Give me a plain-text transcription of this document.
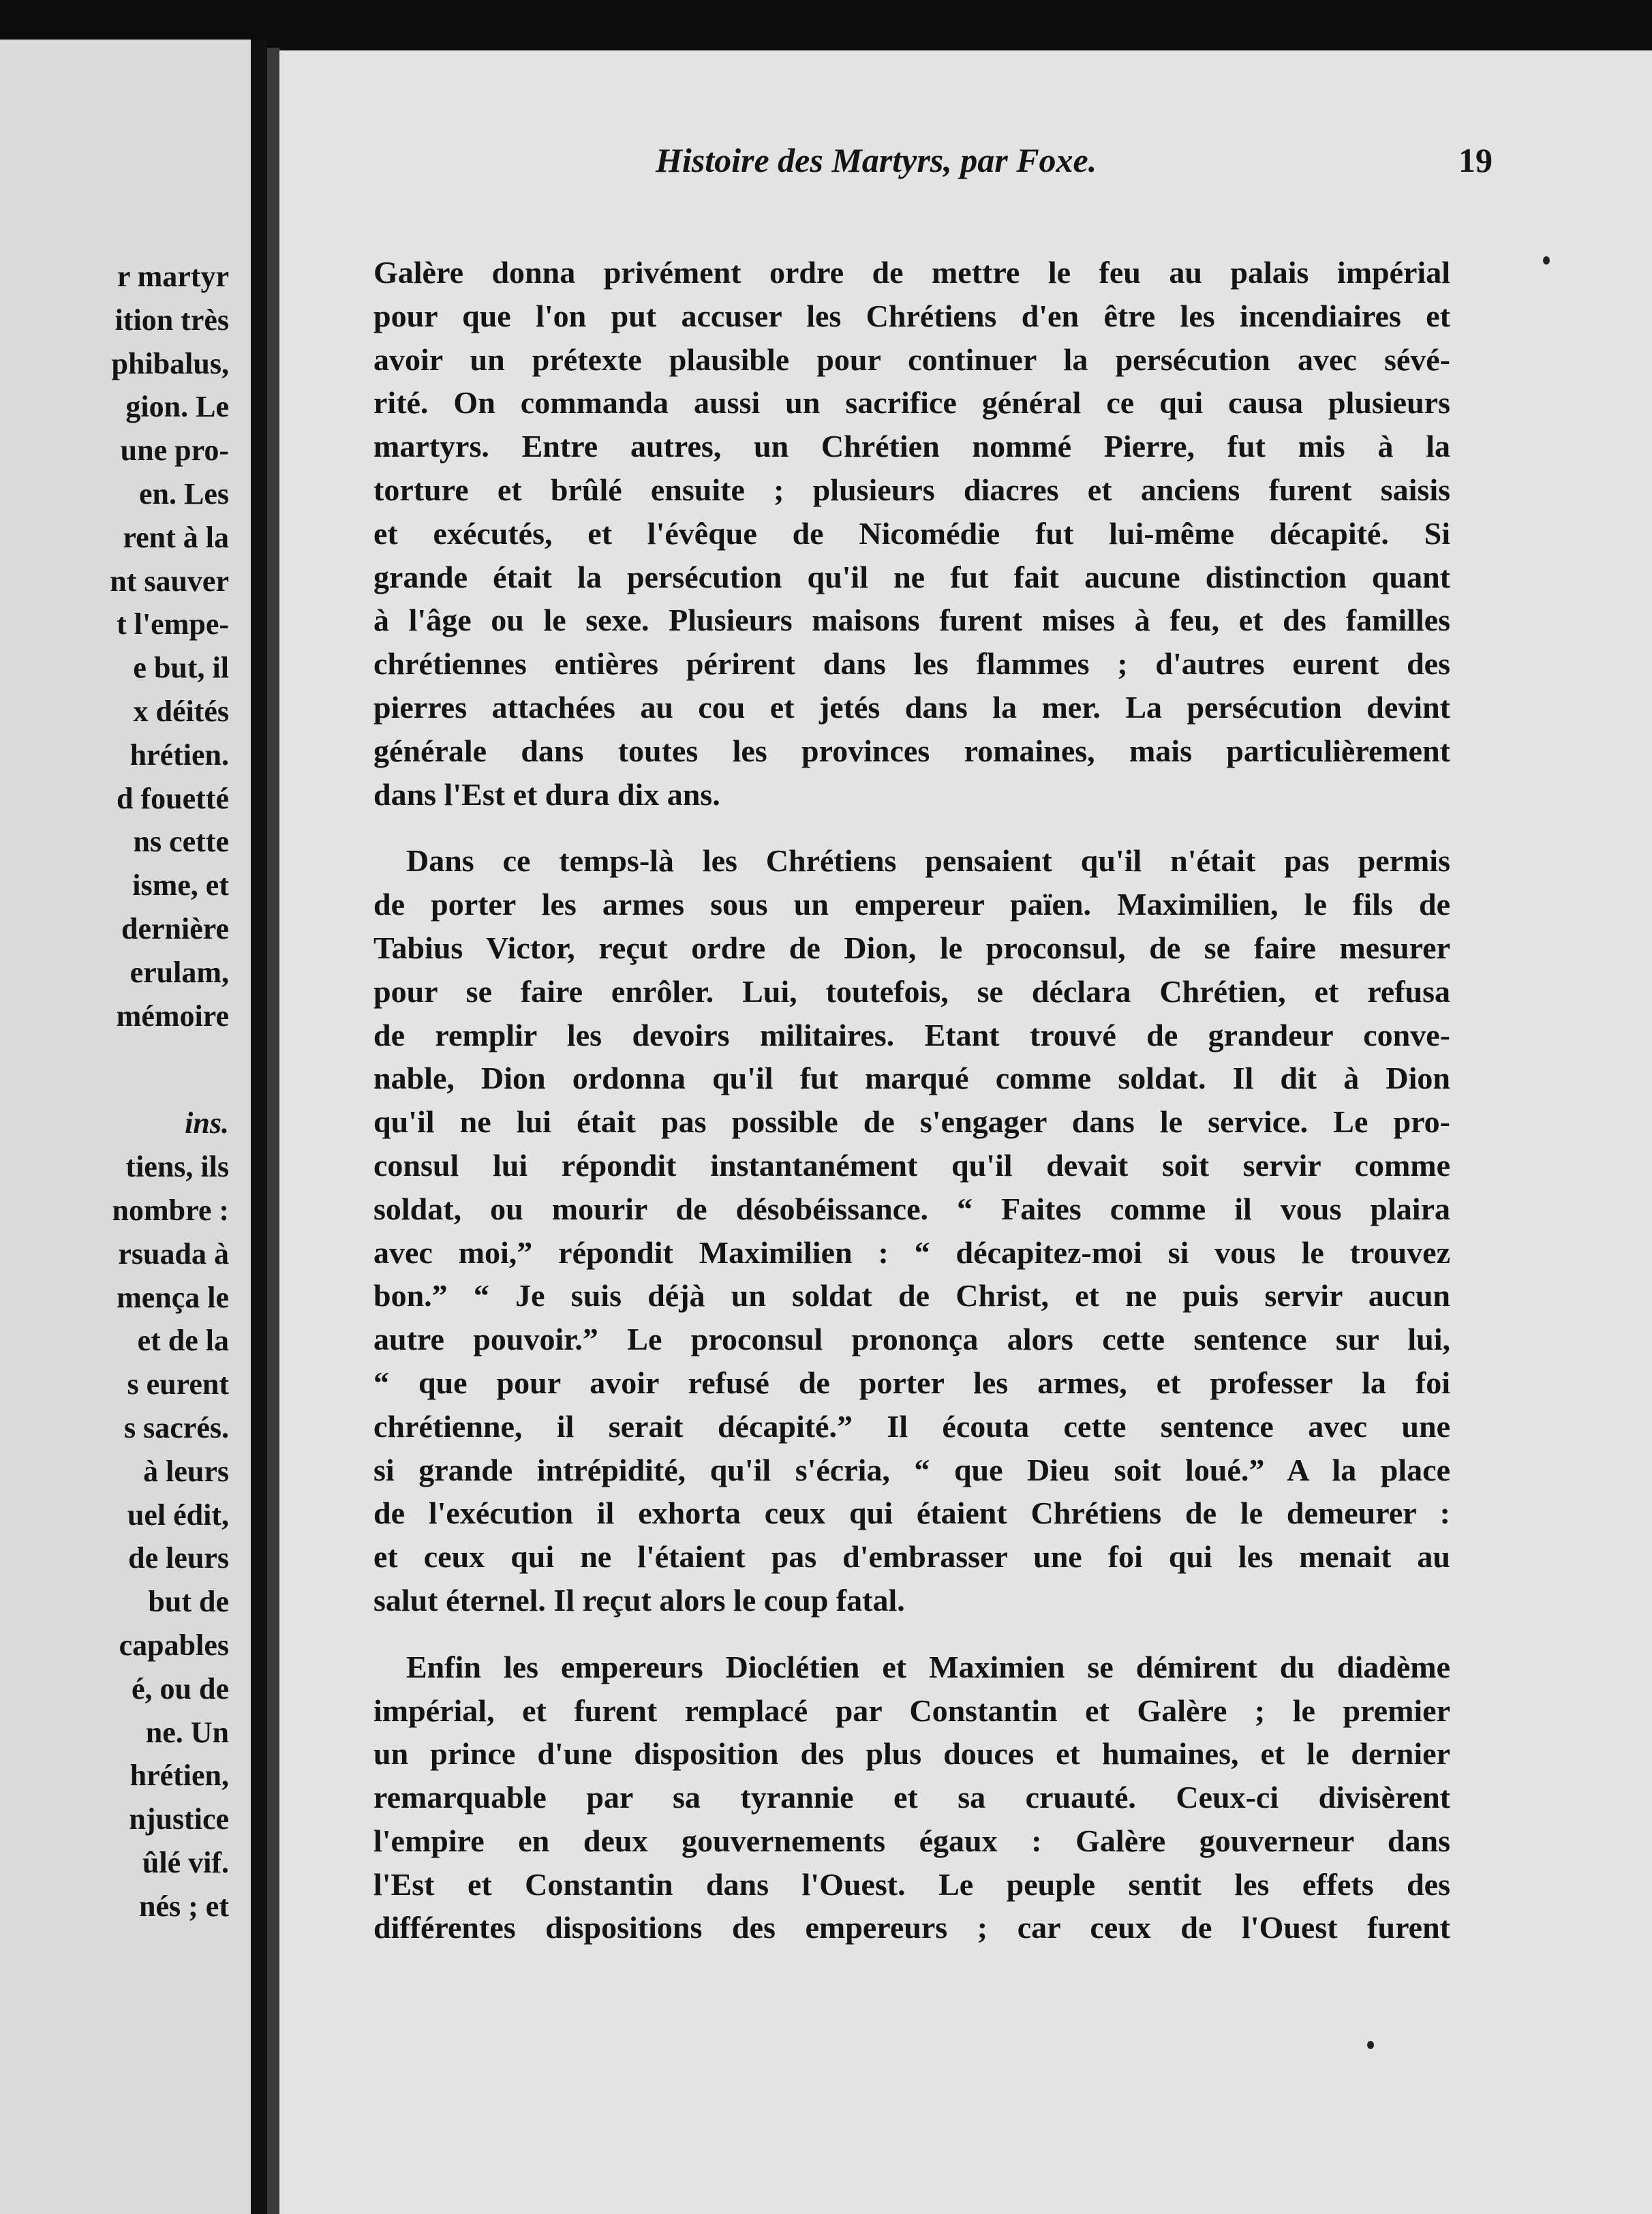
r martyr
ition très
phibalus,
gion. Le
une pro-
en. Les
rent à la
nt sauver
t l'empe-
e but, il
x déités
hrétien.
d fouetté
ns cette
isme, et
dernière
erulam,
mémoire
ins.
tiens, ils
nombre :
rsuada à
mença le
et de la
s eurent
s sacrés.
à leurs
uel édit,
de leurs
but de
capables
é, ou de
ne. Un
hrétien,
njustice
ûlé vif.
nés ; et
Histoire des Martyrs, par Foxe.	19
Galère donna privément ordre de mettre le feu au palais impérial
pour que l'on put accuser les Chrétiens d'en être les incendiaires et
avoir un prétexte plausible pour continuer la persécution avec sévé-
rité. On commanda aussi un sacrifice général ce qui causa plusieurs
martyrs. Entre autres, un Chrétien nommé Pierre, fut mis à la
torture et brûlé ensuite ; plusieurs diacres et anciens furent saisis
et exécutés, et l'évêque de Nicomédie fut lui-même décapité. Si
grande était la persécution qu'il ne fut fait aucune distinction quant
à l'âge ou le sexe. Plusieurs maisons furent mises à feu, et des familles
chrétiennes entières périrent dans les flammes ; d'autres eurent des
pierres attachées au cou et jetés dans la mer. La persécution devint
générale dans toutes les provinces romaines, mais particulièrement
dans l'Est et dura dix ans.
Dans ce temps-là les Chrétiens pensaient qu'il n'était pas permis
de porter les armes sous un empereur païen. Maximilien, le fils de
Tabius Victor, reçut ordre de Dion, le proconsul, de se faire mesurer
pour se faire enrôler. Lui, toutefois, se déclara Chrétien, et refusa
de remplir les devoirs militaires. Etant trouvé de grandeur conve-
nable, Dion ordonna qu'il fut marqué comme soldat. Il dit à Dion
qu'il ne lui était pas possible de s'engager dans le service. Le pro-
consul lui répondit instantanément qu'il devait soit servir comme
soldat, ou mourir de désobéissance. “ Faites comme il vous plaira
avec moi,” répondit Maximilien : “ décapitez-moi si vous le trouvez
bon.” “ Je suis déjà un soldat de Christ, et ne puis servir aucun
autre pouvoir.” Le proconsul prononça alors cette sentence sur lui,
“ que pour avoir refusé de porter les armes, et professer la foi
chrétienne, il serait décapité.” Il écouta cette sentence avec une
si grande intrépidité, qu'il s'écria, “ que Dieu soit loué.” A la place
de l'exécution il exhorta ceux qui étaient Chrétiens de le demeurer :
et ceux qui ne l'étaient pas d'embrasser une foi qui les menait au
salut éternel. Il reçut alors le coup fatal.
Enfin les empereurs Dioclétien et Maximien se démirent du diadème
impérial, et furent remplacé par Constantin et Galère ; le premier
un prince d'une disposition des plus douces et humaines, et le dernier
remarquable par sa tyrannie et sa cruauté. Ceux-ci divisèrent
l'empire en deux gouvernements égaux : Galère gouverneur dans
l'Est et Constantin dans l'Ouest. Le peuple sentit les effets des
différentes dispositions des empereurs ; car ceux de l'Ouest furent
